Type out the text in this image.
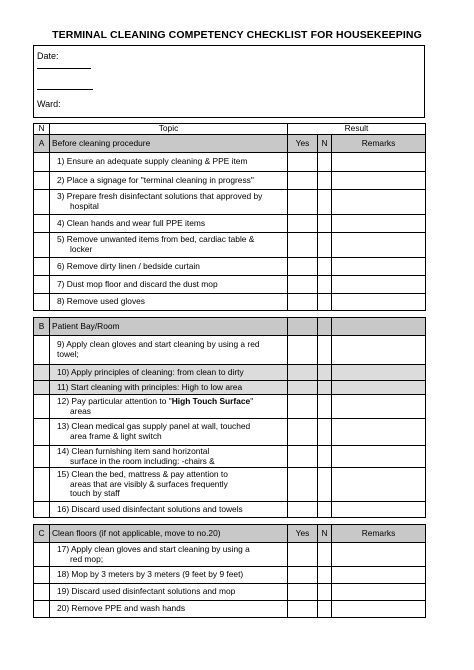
TERMINAL CLEANING COMPETENCY CHECKLIST FOR HOUSEKEEPING
Date:
Ward:
N	Topic	Result		
A	Before cleaning procedure	Yes	N	Remarks
	1) Ensure an adequate supply cleaning & PPE item			
	2) Place a signage for "terminal cleaning in progress"			
	3) Prepare fresh disinfectant solutions that approved by

hospital			

	4) Clean hands and wear full PPE items			
	5) Remove unwanted items from bed, cardiac table &

locker			

	6) Remove dirty linen / bedside curtain			
	7) Dust mop floor and discard the dust mop			
	8) Remove used gloves			

B	Patient Bay/Room			
	9) Apply clean gloves and start cleaning by using a red
towel;			
	10) Apply principles of cleaning: from clean to dirty			
	11) Start cleaning with principles: High to low area			
	12) Pay particular attention to "High Touch Surface"

areas			

	13) Clean medical gas supply panel at wall, touched

area frame & light switch			

	14) Clean furnishing item sand horizontal

surface in the room including: -chairs &			

	15) Clean the bed, mattress & pay attention to

areas that are visibly & surfaces frequently
touch by staff			

	16) Discard used disinfectant solutions and towels			

C	Clean floors (if not applicable, move to no.20)	Yes	N	Remarks
	17) Apply clean gloves and start cleaning by using a

red mop;			

	18) Mop by 3 meters by 3 meters (9 feet by 9 feet)			
	19) Discard used disinfectant solutions and mop			
	20) Remove PPE and wash hands			
